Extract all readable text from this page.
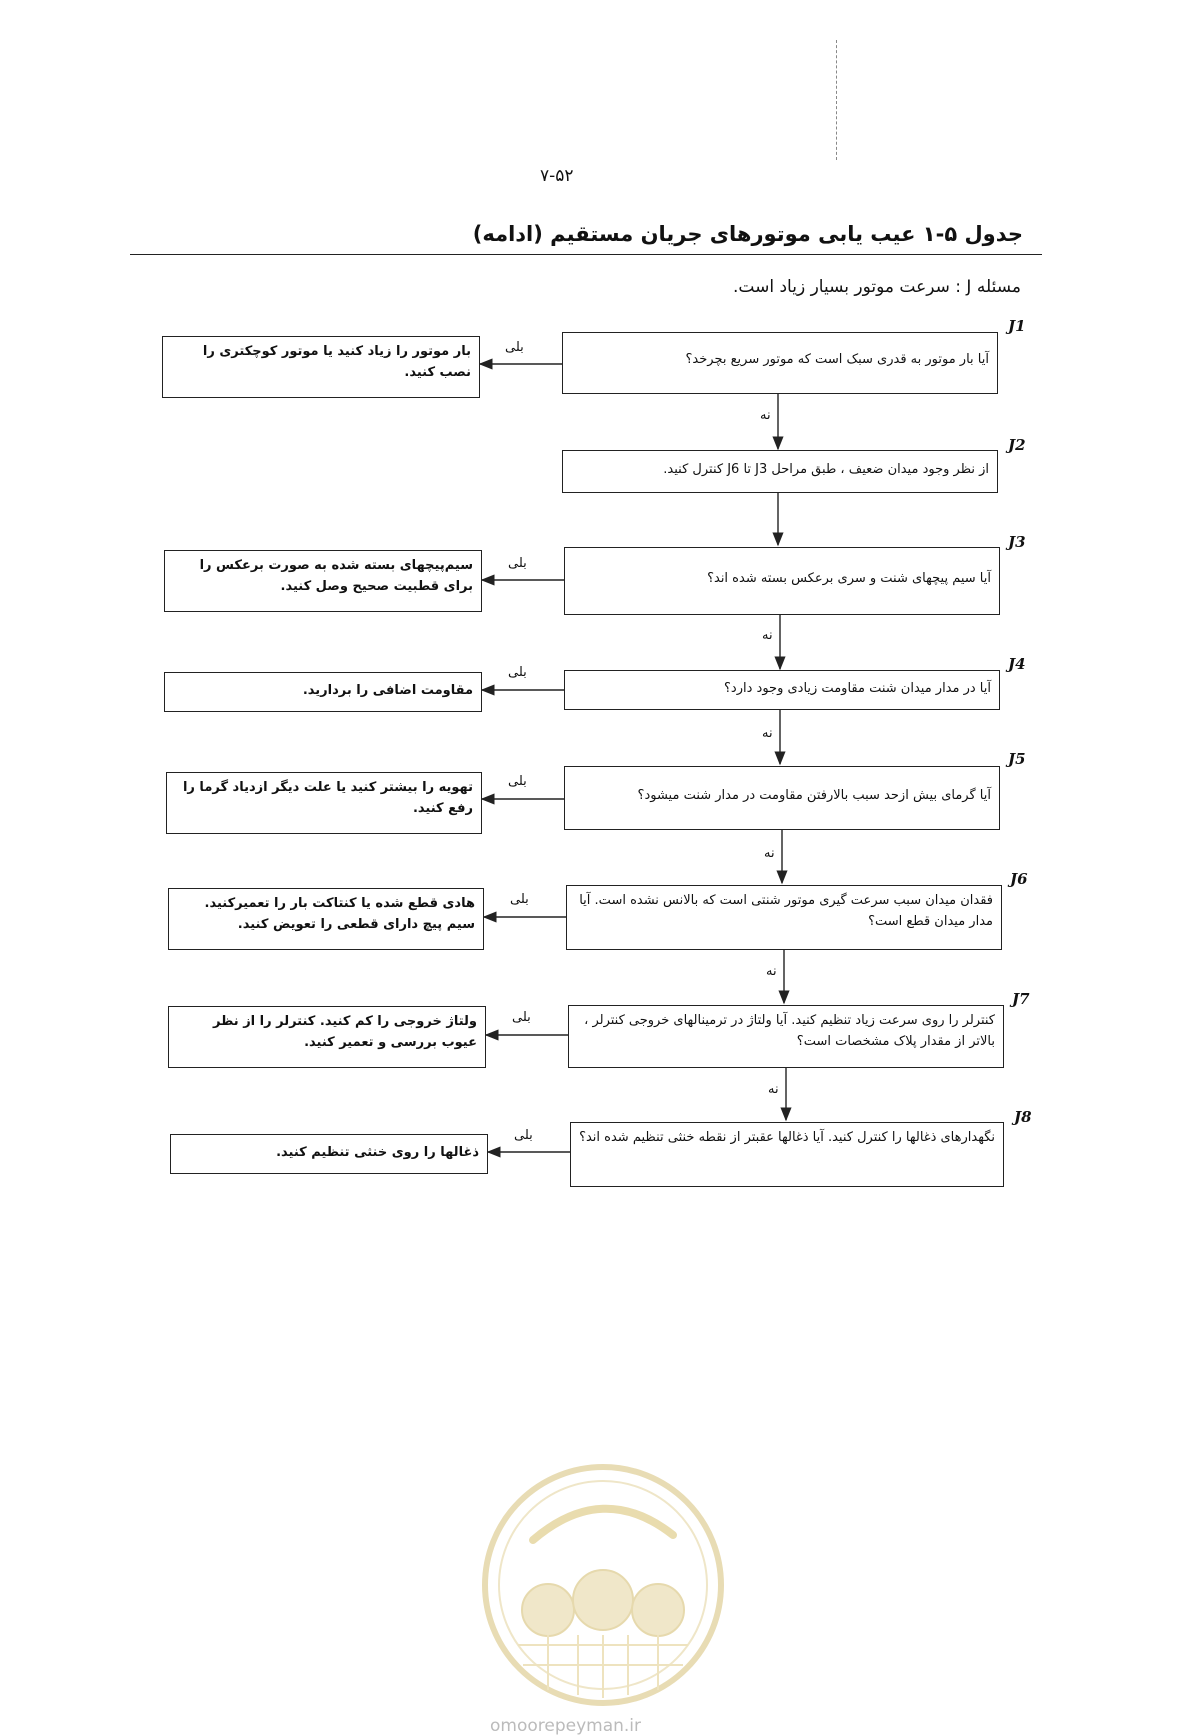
۷-۵۲
جدول ۵-۱ عیب یابی موتورهای جریان مستقیم (ادامه)
مسئله J : سرعت موتور بسیار زیاد است.
J1
آیا بار موتور به قدری سبک است که موتور سریع بچرخد؟
بلی
بار موتور را زیاد کنید یا موتور کوچکتری را نصب کنید.
نه
J2
از نظر وجود میدان ضعیف ، طبق مراحل J3 تا J6 کنترل کنید.
J3
آیا سیم پیچهای شنت و سری برعکس بسته شده اند؟
بلی
سیم‌پیچهای بسته شده به صورت برعکس را برای قطبیت صحیح وصل کنید.
نه
J4
آیا در مدار میدان شنت مقاومت زیادی وجود دارد؟
بلی
مقاومت اضافی را بردارید.
نه
J5
آیا گرمای بیش ازحد سبب بالارفتن مقاومت در مدار شنت میشود؟
بلی
تهویه را بیشتر کنید یا علت دیگر ازدیاد گرما را رفع کنید.
نه
J6
فقدان میدان سبب سرعت گیری موتور شنتی است که بالانس نشده است. آیا مدار میدان قطع است؟
بلی
هادی قطع شده یا کنتاکت بار را تعمیرکنید. سیم پیچ دارای قطعی را تعویض کنید.
نه
J7
کنترلر را روی سرعت زیاد تنظیم کنید. آیا ولتاژ در ترمینالهای خروجی کنترلر ، بالاتر از مقدار پلاک مشخصات است؟
بلی
ولتاژ خروجی را کم کنید. کنترلر را از نظر عیوب بررسی و تعمیر کنید.
نه
J8
نگهدارهای ذغالها را کنترل کنید. آیا ذغالها عقبتر از نقطه خنثی تنظیم شده اند؟
بلی
ذغالها را روی خنثی تنظیم کنید.
omoorepeyman.ir
